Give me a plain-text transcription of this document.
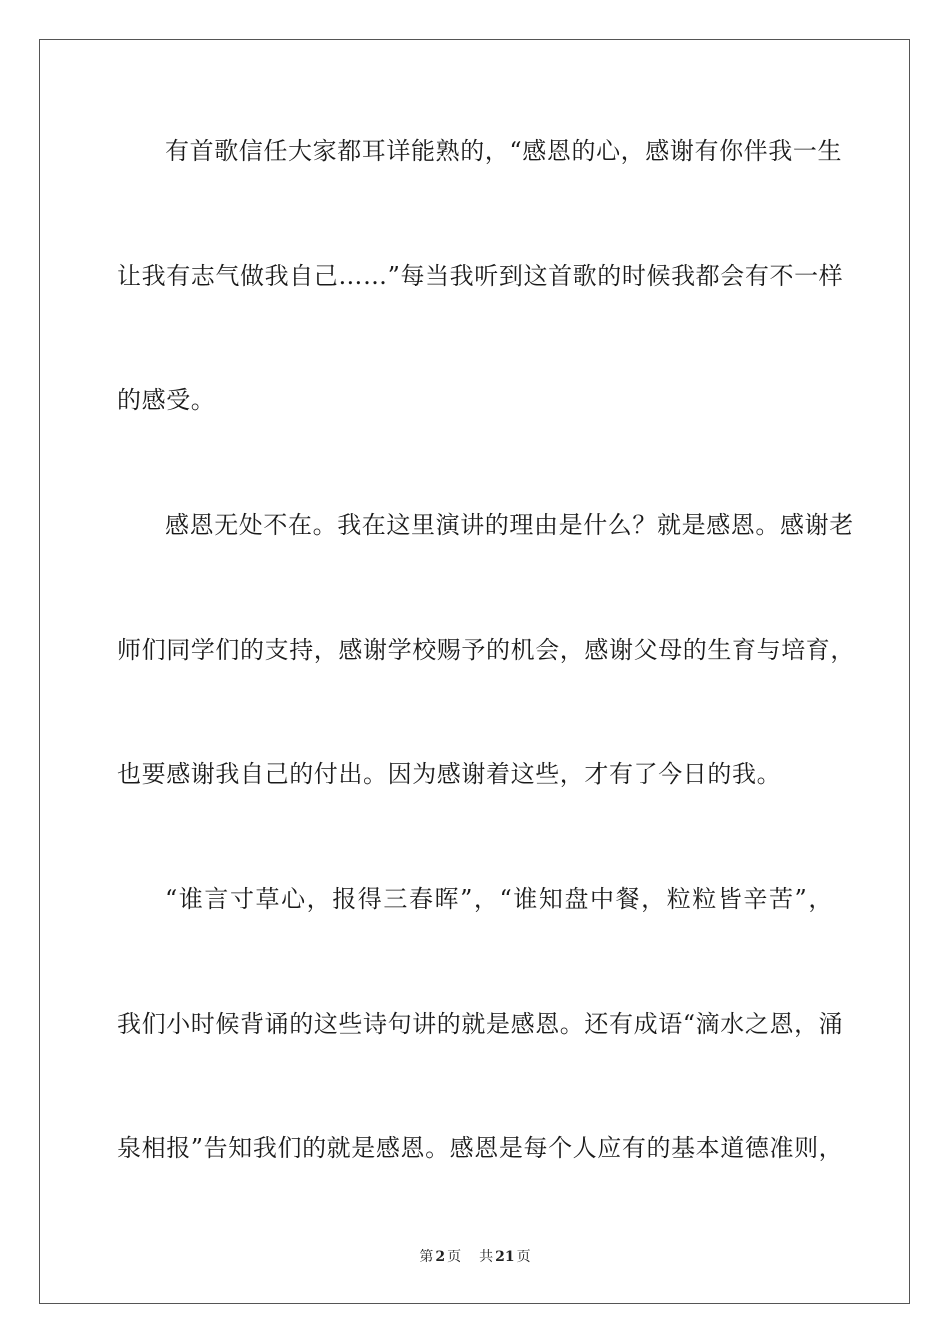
有首歌信任大家都耳详能熟的，“感恩的心，感谢有你伴我一生
让我有志气做我自己……”每当我听到这首歌的时候我都会有不一样
的感受。
感恩无处不在。我在这里演讲的理由是什么？就是感恩。感谢老
师们同学们的支持，感谢学校赐予的机会，感谢父母的生育与培育，
也要感谢我自己的付出。因为感谢着这些，才有了今日的我。
“谁言寸草心，报得三春晖”，“谁知盘中餐，粒粒皆辛苦”，
我们小时候背诵的这些诗句讲的就是感恩。还有成语“滴水之恩，涌
泉相报”告知我们的就是感恩。感恩是每个人应有的基本道德准则，
第 2 页 共 21 页
